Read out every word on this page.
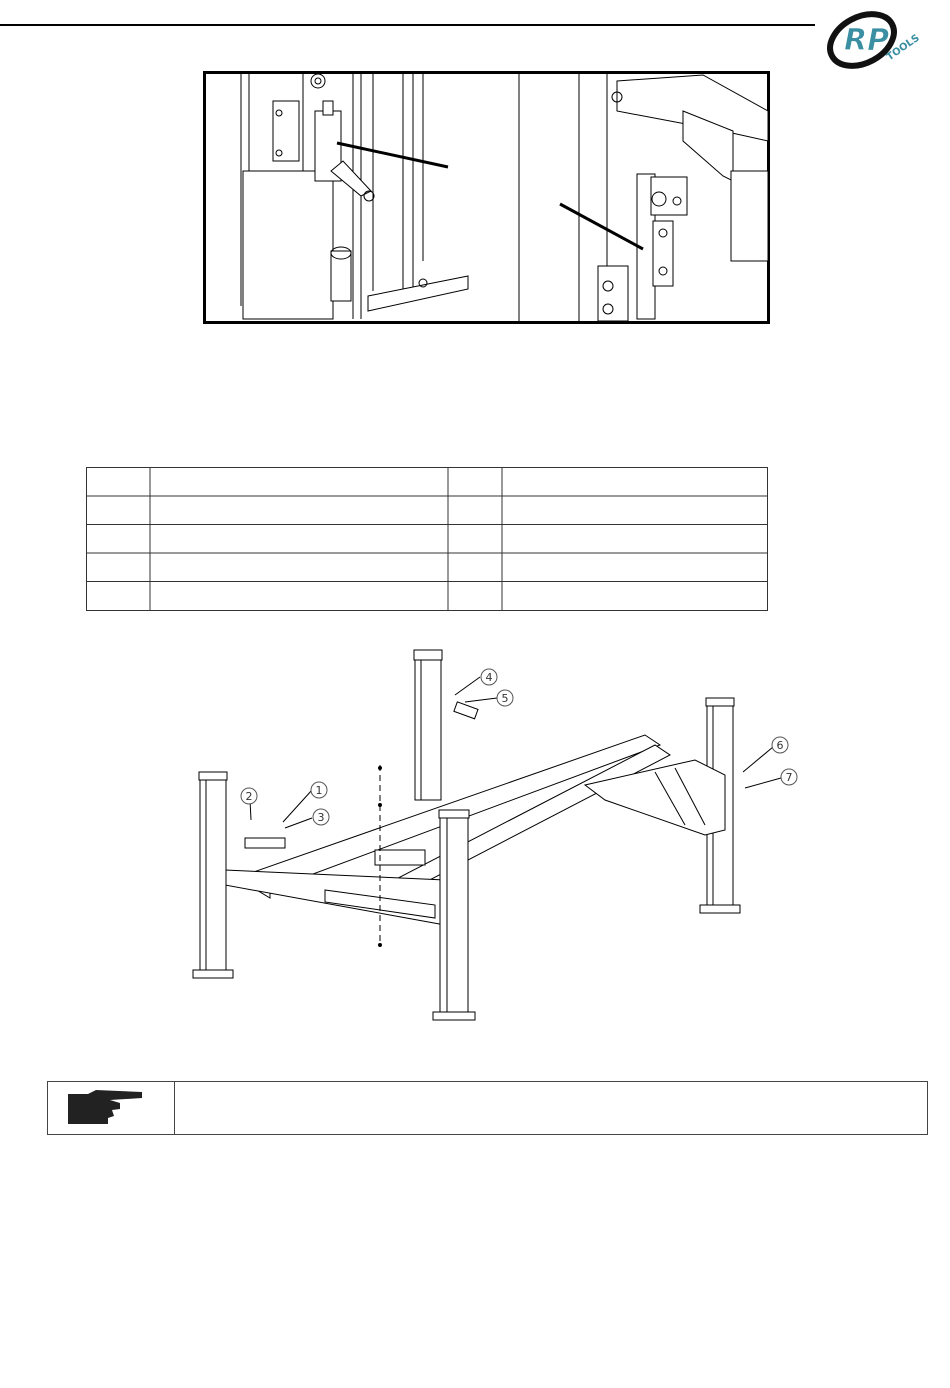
RP
TOOLS
1
2
3
4
5
6
7
